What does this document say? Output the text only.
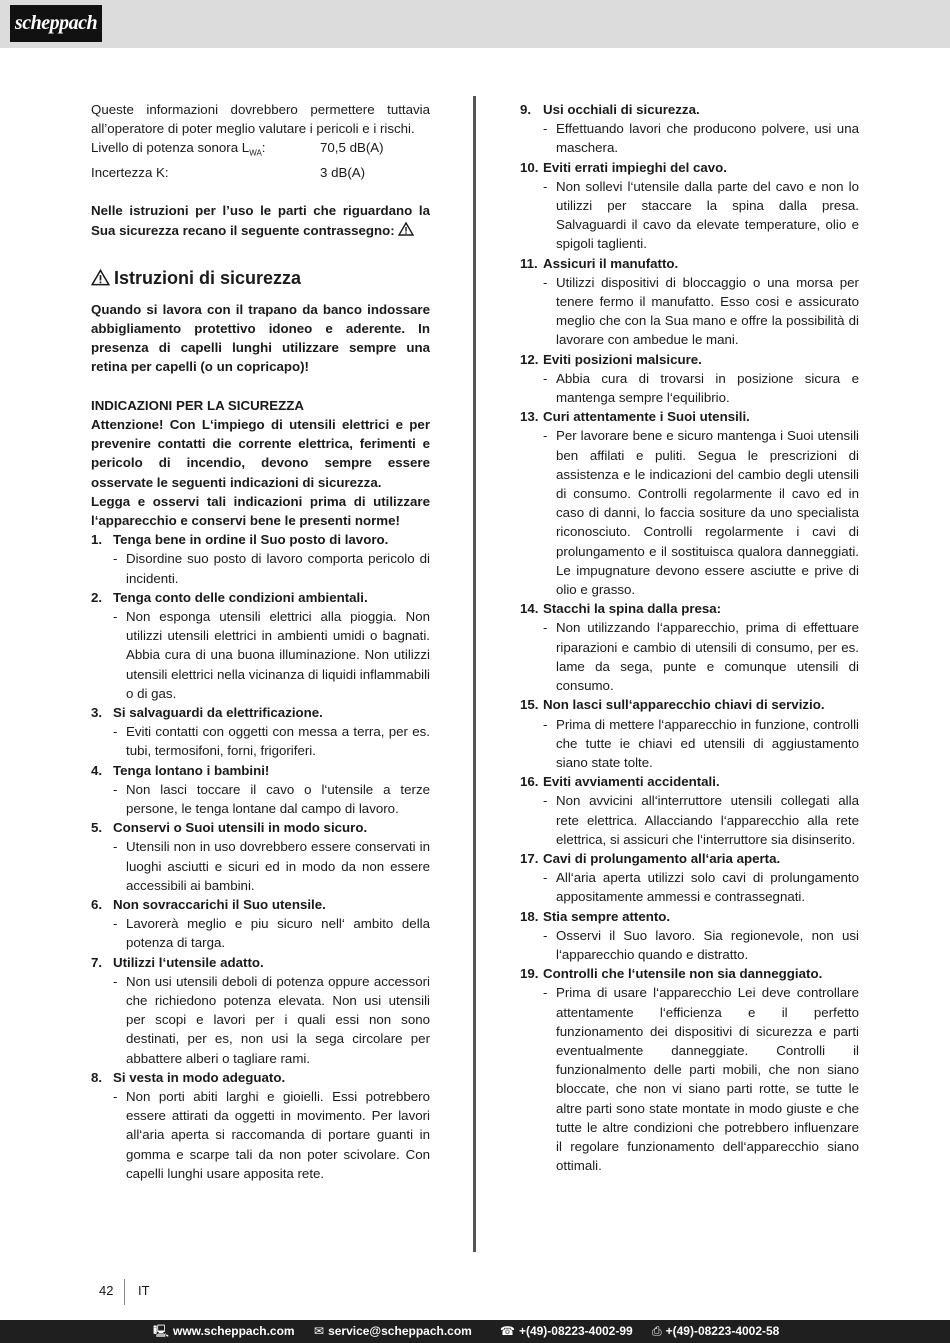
scheppach

Queste informazioni dovrebbero permettere tuttavia all’operatore di poter meglio valutare i pericoli e i rischi.

Livello di potenza sonora $L_{WA}$:	70,5 dB(A)
Incertezza K:	3 dB(A)

Nelle istruzioni per l’uso le parti che riguardano la Sua sicurezza recano il seguente contrassegno:

Istruzioni di sicurezza

Quando si lavora con il trapano da banco indossare abbigliamento protettivo idoneo e aderente. In presenza di capelli lunghi utilizzare sempre una retina per capelli (o un copricapo)!

INDICAZIONI PER LA SICUREZZA

Attenzione! Con L‘impiego di utensili elettrici e per prevenire contatti die corrente elettrica, ferimenti e pericolo di incendio, devono sempre essere osservate le seguenti indicazioni di sicurezza.

Legga e osservi tali indicazioni prima di utilizzare l‘apparecchio e conservi bene le presenti norme!

1. Tenga bene in ordine il Suo posto di lavoro.
- Disordine suo posto di lavoro comporta pericolo di incidenti.
2. Tenga conto delle condizioni ambientali.
- Non esponga utensili elettrici alla pioggia. Non utilizzi utensili elettrici in ambienti umidi o bagnati. Abbia cura di una buona illuminazione. Non utilizzi utensili elettrici nella vicinanza di liquidi inflammabili o di gas.
3. Si salvaguardi da elettrificazione.
- Eviti contatti con oggetti con messa a terra, per es. tubi, termosifoni, forni, frigoriferi.
4. Tenga lontano i bambini!
- Non lasci toccare il cavo o l‘utensile a terze persone, le tenga lontane dal campo di lavoro.
5. Conservi o Suoi utensili in modo sicuro.
- Utensili non in uso dovrebbero essere conservati in luoghi asciutti e sicuri ed in modo da non essere accessibili ai bambini.
6. Non sovraccarichi il Suo utensile.
- Lavorerà meglio e piu sicuro nell‘ ambito della potenza di targa.
7. Utilizzi l‘utensile adatto.
- Non usi utensili deboli di potenza oppure accessori che richiedono potenza elevata. Non usi utensili per scopi e lavori per i quali essi non sono destinati, per es, non usi la sega circolare per abbattere alberi o tagliare rami.
8. Si vesta in modo adeguato.
- Non porti abiti larghi e gioielli. Essi potrebbero essere attirati da oggetti in movimento. Per lavori all‘aria aperta si raccomanda di portare guanti in gomma e scarpe tali da non poter scivolare. Con capelli lunghi usare apposita rete.
9. Usi occhiali di sicurezza.
- Effettuando lavori che producono polvere, usi una maschera.
10. Eviti errati impieghi del cavo.
- Non sollevi l‘utensile dalla parte del cavo e non lo utilizzi per staccare la spina dalla presa. Salvaguardi il cavo da elevate temperature, olio e spigoli taglienti.
11. Assicuri il manufatto.
- Utilizzi dispositivi di bloccaggio o una morsa per tenere fermo il manufatto. Esso cosi e assicurato meglio che con la Sua mano e offre la possibilità di lavorare con ambedue le mani.
12. Eviti posizioni malsicure.
- Abbia cura di trovarsi in posizione sicura e mantenga sempre l‘equilibrio.
13. Curi attentamente i Suoi utensili.
- Per lavorare bene e sicuro mantenga i Suoi utensili ben affilati e puliti. Segua le prescrizioni di assistenza e le indicazioni del cambio degli utensili di consumo. Controlli regolarmente il cavo ed in caso di danni, lo faccia sositure da uno specialista riconosciuto. Controlli regolarmente i cavi di prolungamento e il sostituisca qualora danneggiati. Le impugnature devono essere asciutte e prive di olio e grasso.
14. Stacchi la spina dalla presa:
- Non utilizzando l‘apparecchio, prima di effettuare riparazioni e cambio di utensili di consumo, per es. lame da sega, punte e comunque utensili di consumo.
15. Non lasci sull‘apparecchio chiavi di servizio.
- Prima di mettere l‘apparecchio in funzione, controlli che tutte ie chiavi ed utensili di aggiustamento siano state tolte.
16. Eviti avviamenti accidentali.
- Non avvicini all‘interruttore utensili collegati alla rete elettrica. Allacciando l‘apparecchio alla rete elettrica, si assicuri che l‘interruttore sia disinserito.
17. Cavi di prolungamento all‘aria aperta.
- All‘aria aperta utilizzi solo cavi di prolungamento appositamente ammessi e contrassegnati.
18. Stia sempre attento.
- Osservi il Suo lavoro. Sia regionevole, non usi l‘apparecchio quando e distratto.
19. Controlli che l‘utensile non sia danneggiato.
- Prima di usare l‘apparecchio Lei deve controllare attentamente l‘efficienza e il perfetto funzionamento dei dispositivi di sicurezza e parti eventualmente danneggiate. Controlli il funzionalmento delle parti mobili, che non siano bloccate, che non vi siano parti rotte, se tutte le altre parti sono state montate in modo giuste e che tutte le altre condizioni che potrebbero influenzare il regolare funzionamento dell‘apparecchio siano ottimali.
42 IT
🖳 www.scheppach.com ✉ service@scheppach.com ☎ +(49)-08223-4002-99 ⎙ +(49)-08223-4002-58
